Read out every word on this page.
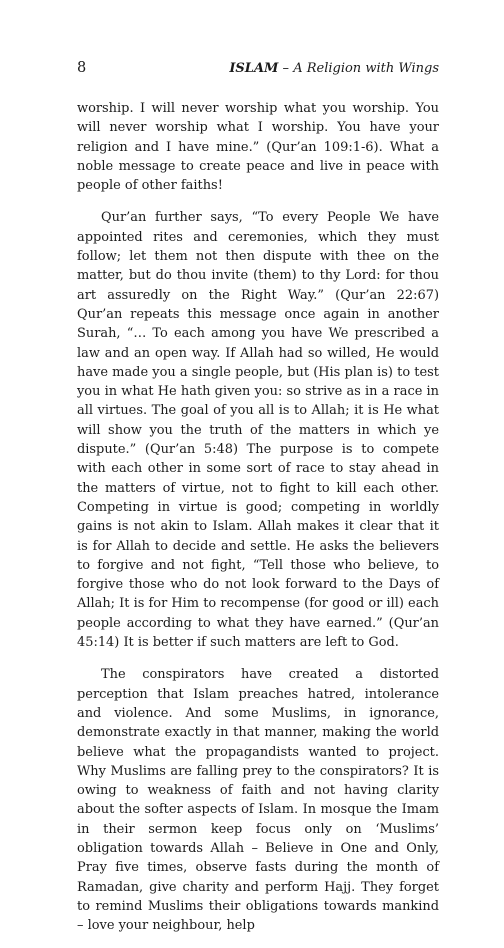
8	ISLAM – A Religion with Wings

worship. I will never worship what you worship. You will never worship what I worship. You have your religion and I have mine.” (Qur’an 109:1-6). What a noble message to create peace and live in peace with people of other faiths!

Qur’an further says, “To every People We have appointed rites and ceremonies, which they must follow; let them not then dispute with thee on the matter, but do thou invite (them) to thy Lord: for thou art assuredly on the Right Way.” (Qur’an 22:67) Qur’an repeats this message once again in another Surah, “… To each among you have We prescribed a law and an open way. If Allah had so willed, He would have made you a single people, but (His plan is) to test you in what He hath given you: so strive as in a race in all virtues. The goal of you all is to Allah; it is He what will show you the truth of the matters in which ye dispute.” (Qur’an 5:48) The purpose is to compete with each other in some sort of race to stay ahead in the matters of virtue, not to fight to kill each other. Competing in virtue is good; competing in worldly gains is not akin to Islam. Allah makes it clear that it is for Allah to decide and settle. He asks the believers to forgive and not fight, “Tell those who believe, to forgive those who do not look forward to the Days of Allah; It is for Him to recompense (for good or ill) each people according to what they have earned.” (Qur’an 45:14) It is better if such matters are left to God.

The conspirators have created a distorted perception that Islam preaches hatred, intolerance and violence. And some Muslims, in ignorance, demonstrate exactly in that manner, making the world believe what the propagandists wanted to project. Why Muslims are falling prey to the conspirators? It is owing to weakness of faith and not having clarity about the softer aspects of Islam. In mosque the Imam in their sermon keep focus only on ‘Muslims’ obligation towards Allah – Believe in One and Only, Pray five times, observe fasts during the month of Ramadan, give charity and perform Hajj. They forget to remind Muslims their obligations towards mankind – love your neighbour, help
